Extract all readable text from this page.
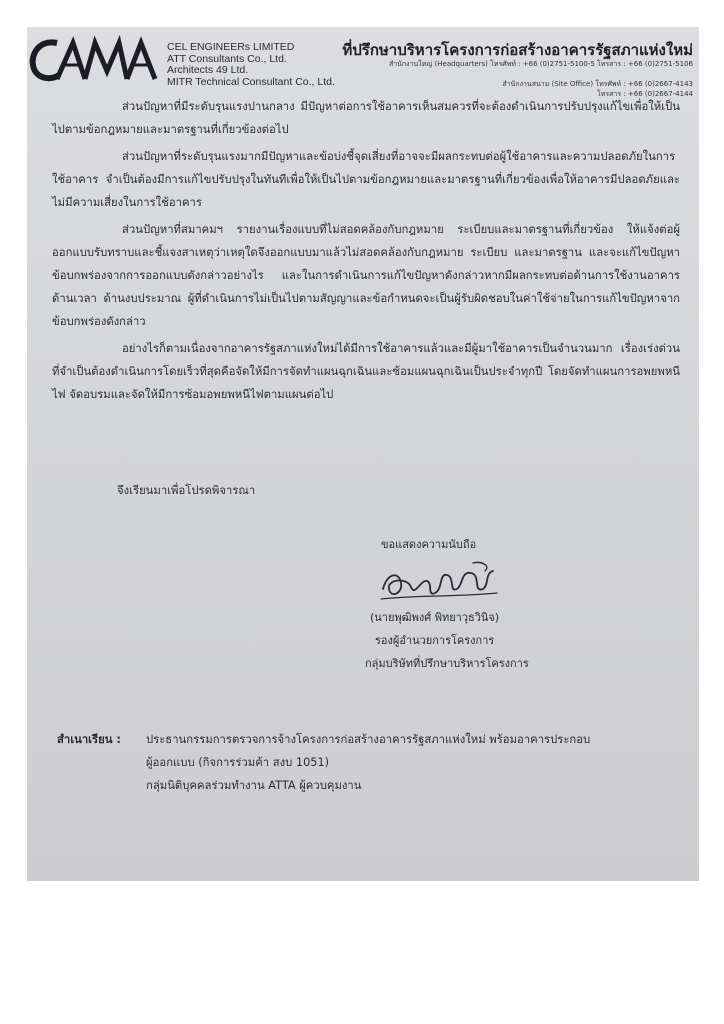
CEL ENGINEERs LIMITED
ATT Consultants Co., Ltd.
Architects 49 Ltd.
MITR Technical Consultant Co., Ltd.
ที่ปรึกษาบริหารโครงการก่อสร้างอาคารรัฐสภาแห่งใหม่
สำนักงานใหญ่ (Headquarters) โทรศัพท์ : +66 (0)2751-5100-5 โทรสาร : +66 (0)2751-5106
สำนักงานสนาม (Site Office) โทรศัพท์ : +66 (0)2667-4143
โทรสาร : +66 (0)2667-4144

ส่วนปัญหาที่มีระดับรุนแรงปานกลาง มีปัญหาต่อการใช้อาคารเห็นสมควรที่จะต้องดำเนินการปรับปรุงแก้ไขเพื่อให้เป็นไปตามข้อกฎหมายและมาตรฐานที่เกี่ยวข้องต่อไป

ส่วนปัญหาที่ระดับรุนแรงมากมีปัญหาและข้อบ่งชี้จุดเสี่ยงที่อาจจะมีผลกระทบต่อผู้ใช้อาคารและความปลอดภัยในการใช้อาคาร จำเป็นต้องมีการแก้ไขปรับปรุงในทันทีเพื่อให้เป็นไปตามข้อกฎหมายและมาตรฐานที่เกี่ยวข้องเพื่อให้อาคารมีปลอดภัยและไม่มีความเสี่ยงในการใช้อาคาร

ส่วนปัญหาที่สมาคมฯ รายงานเรื่องแบบที่ไม่สอดคล้องกับกฎหมาย ระเบียบและมาตรฐานที่เกี่ยวข้อง ให้แจ้งต่อผู้ออกแบบรับทราบและชี้แจงสาเหตุว่าเหตุใดจึงออกแบบมาแล้วไม่สอดคล้องกับกฎหมาย ระเบียบ และมาตรฐาน และจะแก้ไขปัญหาข้อบกพร่องจากการออกแบบดังกล่าวอย่างไร และในการดำเนินการแก้ไขปัญหาดังกล่าวหากมีผลกระทบต่อด้านการใช้งานอาคาร ด้านเวลา ด้านงบประมาณ ผู้ที่ดำเนินการไม่เป็นไปตามสัญญาและข้อกำหนดจะเป็นผู้รับผิดชอบในค่าใช้จ่ายในการแก้ไขปัญหาจากข้อบกพร่องดังกล่าว

อย่างไรก็ตามเนื่องจากอาคารรัฐสภาแห่งใหม่ได้มีการใช้อาคารแล้วและมีผู้มาใช้อาคารเป็นจำนวนมาก เรื่องเร่งด่วนที่จำเป็นต้องดำเนินการโดยเร็วที่สุดคือจัดให้มีการจัดทำแผนฉุกเฉินและซ้อมแผนฉุกเฉินเป็นประจำทุกปี โดยจัดทำแผนการอพยพหนีไฟ จัดอบรมและจัดให้มีการซ้อมอพยพหนีไฟตามแผนต่อไป

จึงเรียนมาเพื่อโปรดพิจารณา
ขอแสดงความนับถือ
(นายพุฒิพงศ์ พิทยาวุธวินิจ)
รองผู้อำนวยการโครงการ
กลุ่มบริษัทที่ปรึกษาบริหารโครงการ
สำเนาเรียน : ประธานกรรมการตรวจการจ้างโครงการก่อสร้างอาคารรัฐสภาแห่งใหม่ พร้อมอาคารประกอบ
ผู้ออกแบบ (กิจการร่วมค้า สงบ 1051)
กลุ่มนิติบุคคลร่วมทำงาน ATTA ผู้ควบคุมงาน
